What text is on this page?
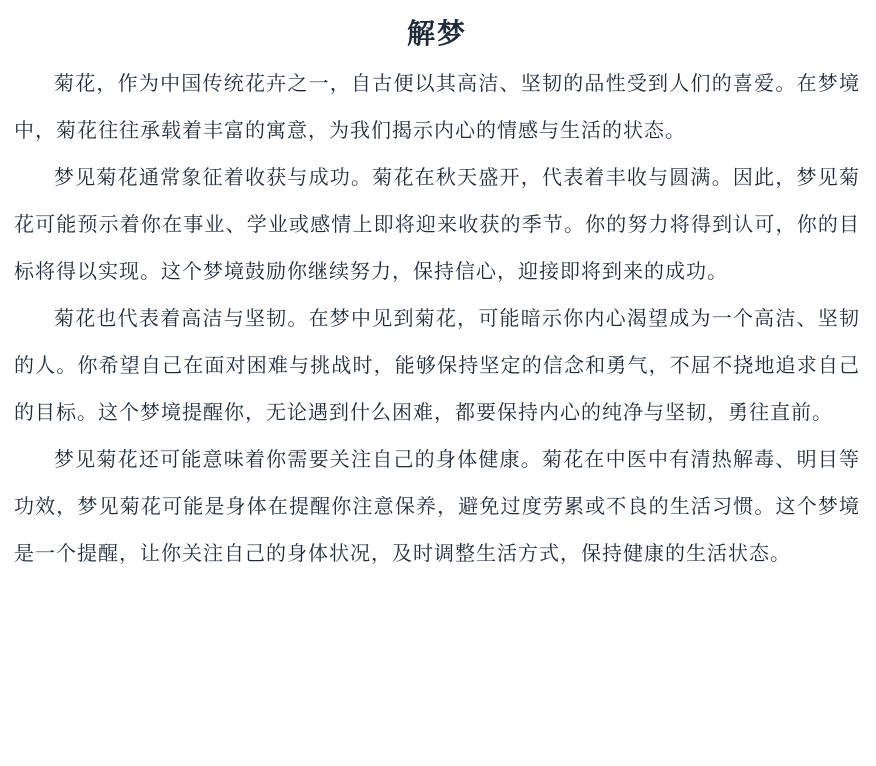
解梦

菊花，作为中国传统花卉之一，自古便以其高洁、坚韧的品性受到人们的喜爱。在梦境中，菊花往往承载着丰富的寓意，为我们揭示内心的情感与生活的状态。

梦见菊花通常象征着收获与成功。菊花在秋天盛开，代表着丰收与圆满。因此，梦见菊花可能预示着你在事业、学业或感情上即将迎来收获的季节。你的努力将得到认可，你的目标将得以实现。这个梦境鼓励你继续努力，保持信心，迎接即将到来的成功。

菊花也代表着高洁与坚韧。在梦中见到菊花，可能暗示你内心渴望成为一个高洁、坚韧的人。你希望自己在面对困难与挑战时，能够保持坚定的信念和勇气，不屈不挠地追求自己的目标。这个梦境提醒你，无论遇到什么困难，都要保持内心的纯净与坚韧，勇往直前。

梦见菊花还可能意味着你需要关注自己的身体健康。菊花在中医中有清热解毒、明目等功效，梦见菊花可能是身体在提醒你注意保养，避免过度劳累或不良的生活习惯。这个梦境是一个提醒，让你关注自己的身体状况，及时调整生活方式，保持健康的生活状态。
